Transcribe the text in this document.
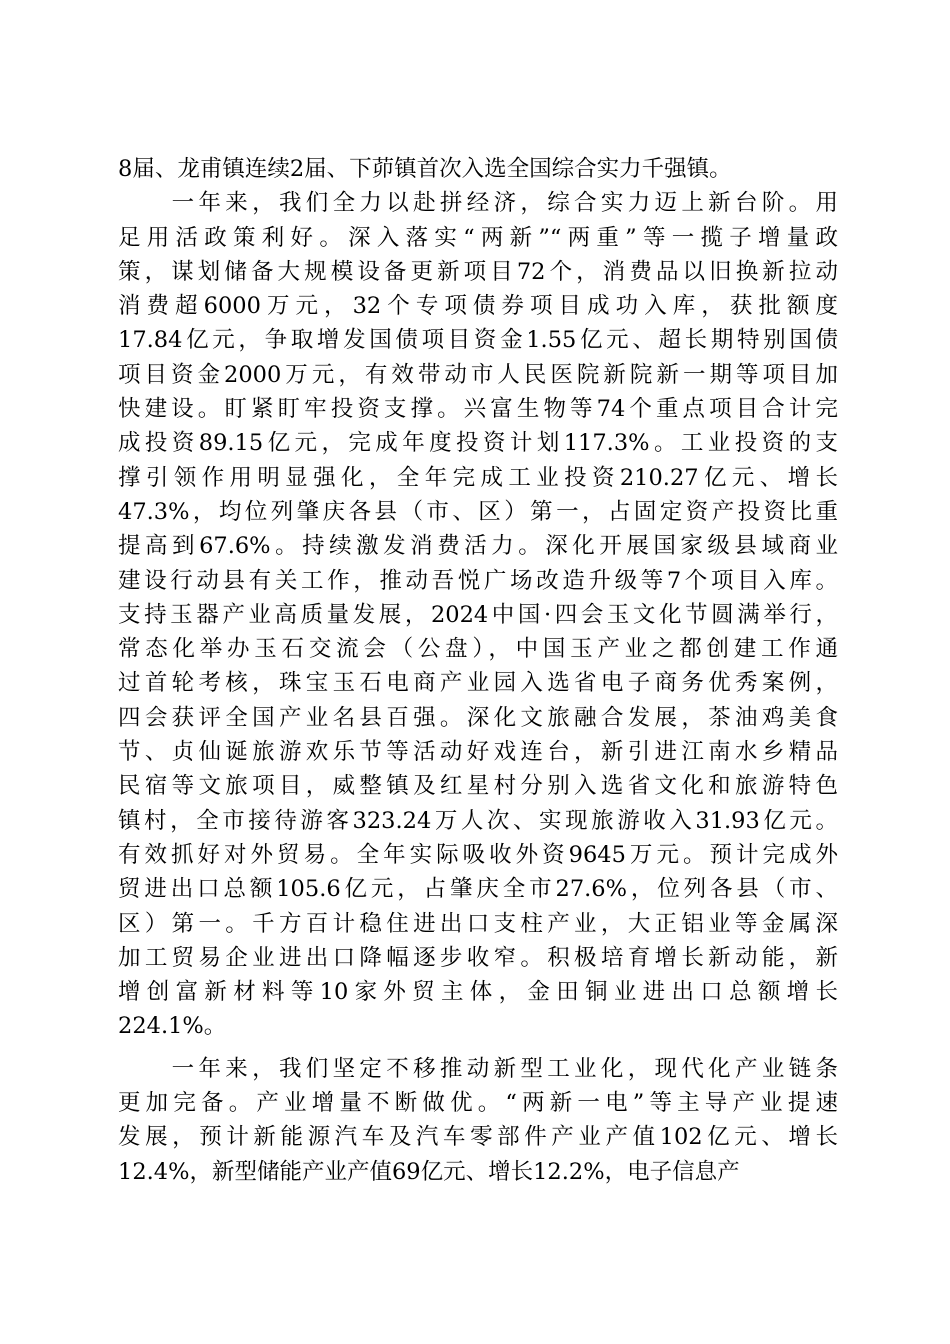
8届、龙甫镇连续2届、下茆镇首次入选全国综合实力千强镇。
　　一年来，我们全力以赴拼经济，综合实力迈上新台阶。用
足用活政策利好。深入落实“两新”“两重”等一揽子增量政
策，谋划储备大规模设备更新项目72个，消费品以旧换新拉动
消费超6000万元，32个专项债券项目成功入库，获批额度
17.84亿元，争取增发国债项目资金1.55亿元、超长期特别国债
项目资金2000万元，有效带动市人民医院新院新一期等项目加
快建设。盯紧盯牢投资支撑。兴富生物等74个重点项目合计完
成投资89.15亿元，完成年度投资计划117.3%。工业投资的支
撑引领作用明显强化，全年完成工业投资210.27亿元、增长
47.3%，均位列肇庆各县（市、区）第一，占固定资产投资比重
提高到67.6%。持续激发消费活力。深化开展国家级县域商业
建设行动县有关工作，推动吾悦广场改造升级等7个项目入库。
支持玉器产业高质量发展，2024中国·四会玉文化节圆满举行，
常态化举办玉石交流会（公盘），中国玉产业之都创建工作通
过首轮考核，珠宝玉石电商产业园入选省电子商务优秀案例，
四会获评全国产业名县百强。深化文旅融合发展，茶油鸡美食
节、贞仙诞旅游欢乐节等活动好戏连台，新引进江南水乡精品
民宿等文旅项目，威整镇及红星村分别入选省文化和旅游特色
镇村，全市接待游客323.24万人次、实现旅游收入31.93亿元。
有效抓好对外贸易。全年实际吸收外资9645万元。预计完成外
贸进出口总额105.6亿元，占肇庆全市27.6%，位列各县（市、
区）第一。千方百计稳住进出口支柱产业，大正铝业等金属深
加工贸易企业进出口降幅逐步收窄。积极培育增长新动能，新
增创富新材料等10家外贸主体，金田铜业进出口总额增长
224.1%。
　　一年来，我们坚定不移推动新型工业化，现代化产业链条
更加完备。产业增量不断做优。“两新一电”等主导产业提速
发展，预计新能源汽车及汽车零部件产业产值102亿元、增长
12.4%，新型储能产业产值69亿元、增长12.2%，电子信息产
